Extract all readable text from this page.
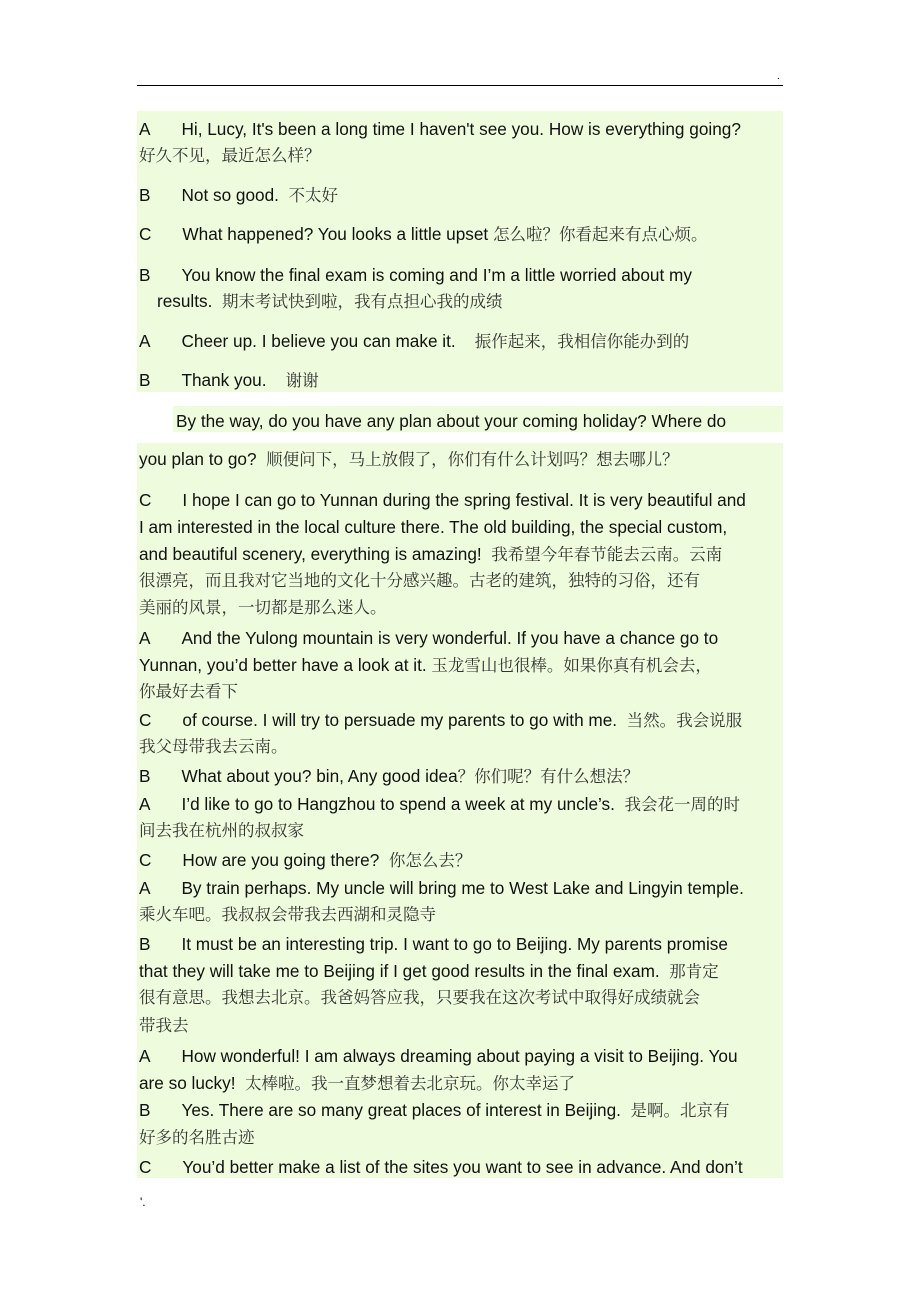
.
A Hi, Lucy, It's been a long time I haven't see you. How is everything going?
好久不见，最近怎么样？
B Not so good. 不太好
C What happened? You looks a little upset 怎么啦？你看起来有点心烦。
B You know the final exam is coming and I’m a little worried about my
results. 期末考试快到啦，我有点担心我的成绩
A Cheer up. I believe you can make it. 振作起来，我相信你能办到的
B Thank you. 谢谢
By the way, do you have any plan about your coming holiday? Where do
you plan to go? 顺便问下，马上放假了，你们有什么计划吗？想去哪儿？
C I hope I can go to Yunnan during the spring festival. It is very beautiful and
I am interested in the local culture there. The old building, the special custom,
and beautiful scenery, everything is amazing! 我希望今年春节能去云南。云南
很漂亮，而且我对它当地的文化十分感兴趣。古老的建筑，独特的习俗，还有
美丽的风景，一切都是那么迷人。
A And the Yulong mountain is very wonderful. If you have a chance go to
Yunnan, you’d better have a look at it. 玉龙雪山也很棒。如果你真有机会去，
你最好去看下
C of course. I will try to persuade my parents to go with me. 当然。我会说服
我父母带我去云南。
B What about you? bin, Any good idea？你们呢？有什么想法？
A I’d like to go to Hangzhou to spend a week at my uncle’s. 我会花一周的时
间去我在杭州的叔叔家
C How are you going there? 你怎么去？
A By train perhaps. My uncle will bring me to West Lake and Lingyin temple.
乘火车吧。我叔叔会带我去西湖和灵隐寺
B It must be an interesting trip. I want to go to Beijing. My parents promise
that they will take me to Beijing if I get good results in the final exam. 那肯定
很有意思。我想去北京。我爸妈答应我，只要我在这次考试中取得好成绩就会
带我去
A How wonderful! I am always dreaming about paying a visit to Beijing. You
are so lucky! 太棒啦。我一直梦想着去北京玩。你太幸运了
B Yes. There are so many great places of interest in Beijing. 是啊。北京有
好多的名胜古迹
C You’d better make a list of the sites you want to see in advance. And don’t
'.
